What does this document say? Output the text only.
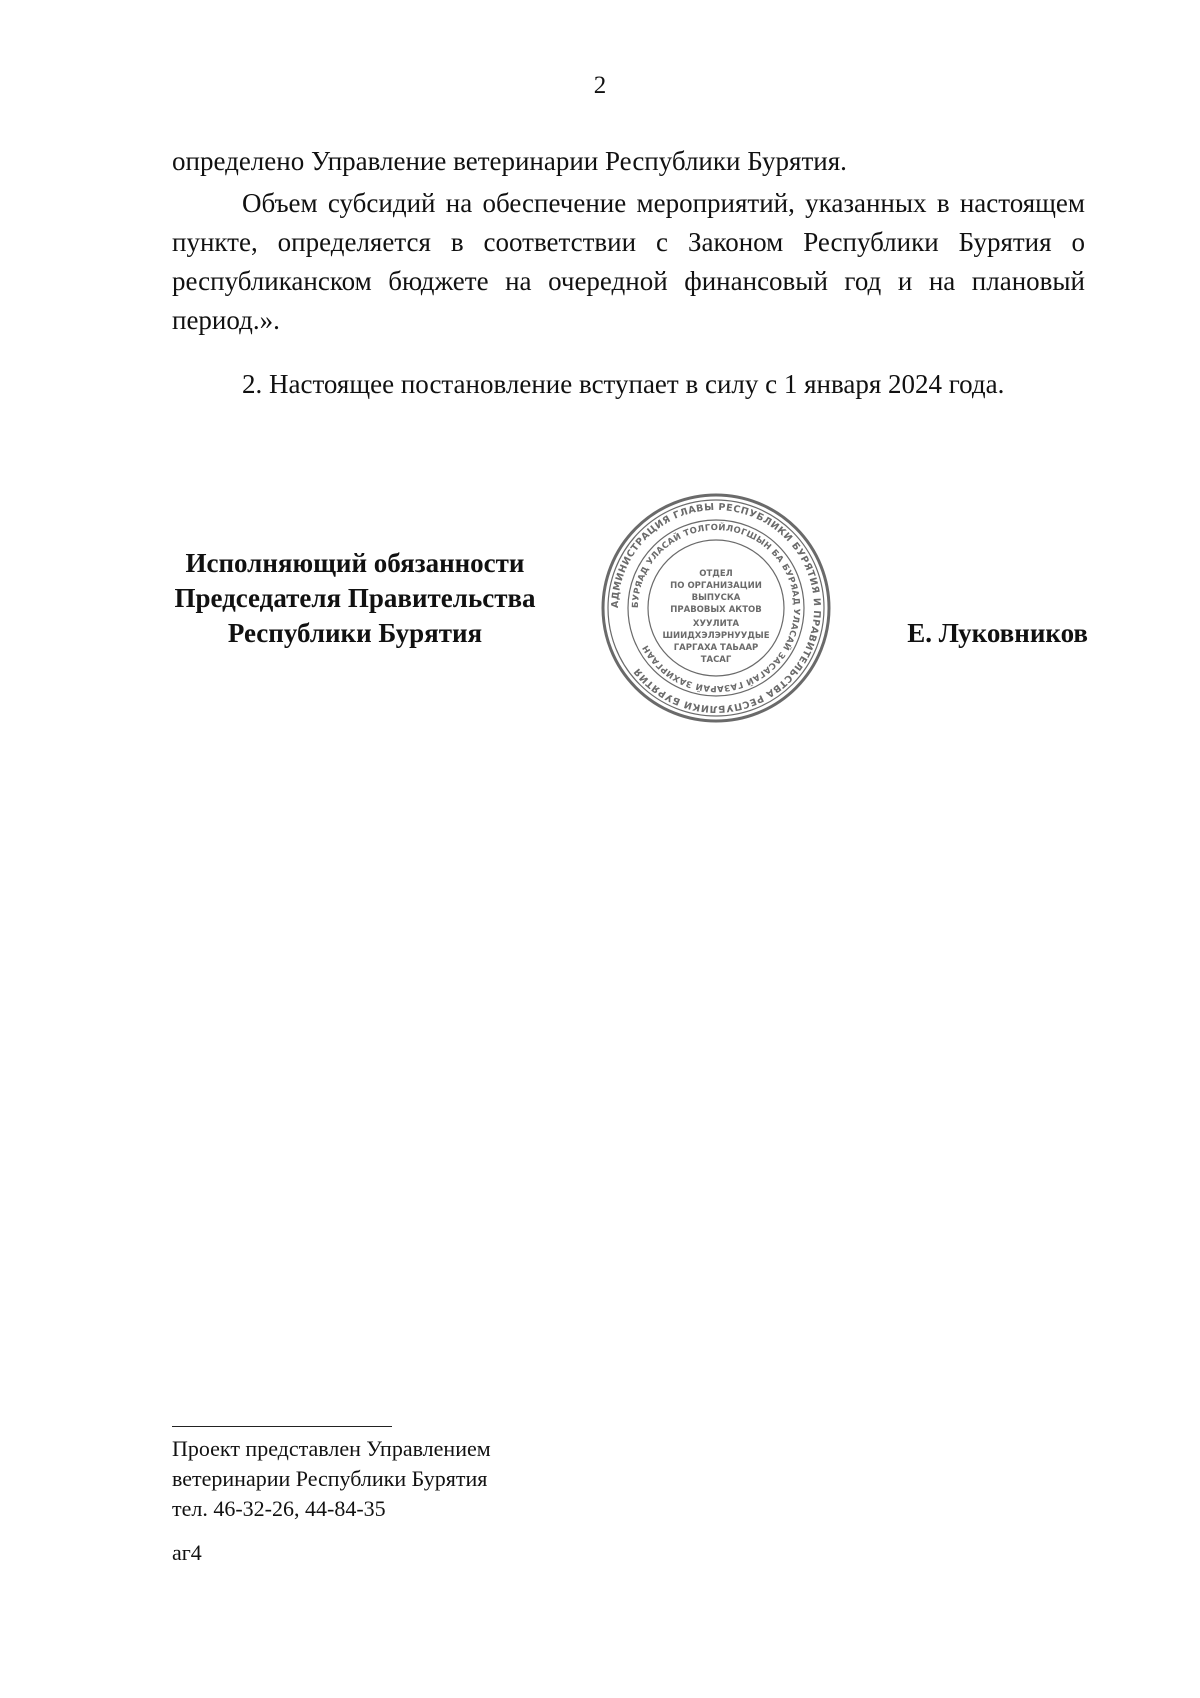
2

определено Управление ветеринарии Республики Бурятия.

Объем субсидий на обеспечение мероприятий, указанных в настоящем пункте, определяется в соответствии с Законом Республики Бурятия о республиканском бюджете на очередной финансовый год и на плановый период.».

2. Настоящее постановление вступает в силу с 1 января 2024 года.

Исполняющий обязанности
Председателя Правительства
Республики Бурятия
АДМИНИСТРАЦИЯ ГЛАВЫ РЕСПУБЛИКИ БУРЯТИЯ И ПРАВИТЕЛЬСТВА РЕСПУБЛИКИ БУРЯТИЯ
БУРЯАД УЛАСАЙ ТОЛГОЙЛОГШЫН БА БУРЯАД УЛАСАЙ ЗАСАГАЙ ГАЗАРАЙ ЗАХИРГААН
ОТДЕЛ
ПО ОРГАНИЗАЦИИ
ВЫПУСКА
ПРАВОВЫХ АКТОВ
ХУУЛИТА
ШИИДХЭЛЭРНУУДЫЕ
ГАРГАХА ТАЬААР
ТАСАГ
Е. Луковников
Проект представлен Управлением
ветеринарии Республики Бурятия
тел. 46-32-26, 44-84-35
аг4
